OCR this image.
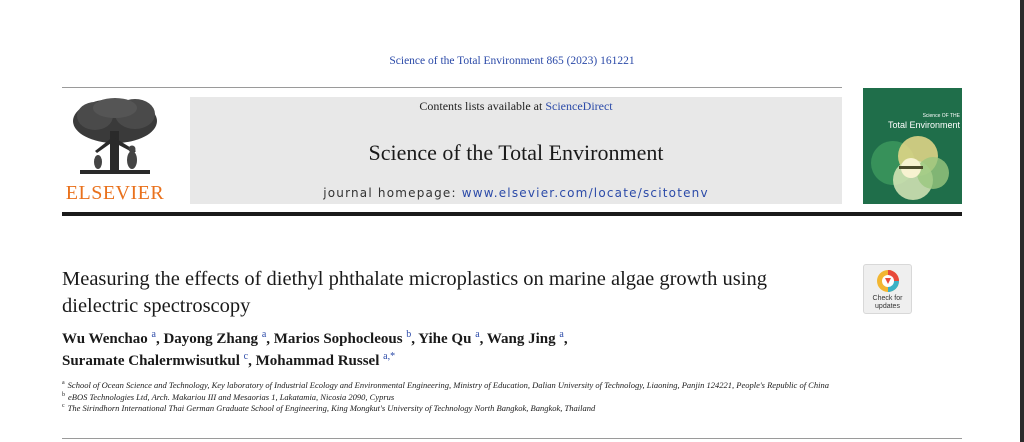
Science of the Total Environment 865 (2023) 161221
ELSEVIER
Contents lists available at ScienceDirect
Science of the Total Environment
journal homepage: www.elsevier.com/locate/scitotenv
Science OF THE
Total Environment
Measuring the effects of diethyl phthalate microplastics on marine algae growth using dielectric spectroscopy	Check for updates
Wu Wenchao $^a$, Dayong Zhang $^a$, Marios Sophocleous $^b$, Yihe Qu $^a$, Wang Jing $^a$,
Suramate Chalermwisutkul $^c$, Mohammad Russel $^{a,*}$
$^a$ School of Ocean Science and Technology, Key laboratory of Industrial Ecology and Environmental Engineering, Ministry of Education, Dalian University of Technology, Liaoning, Panjin 124221, People's Republic of China
$^b$ eBOS Technologies Ltd, Arch. Makariou III and Mesaorias 1, Lakatamia, Nicosia 2090, Cyprus
$^c$ The Sirindhorn International Thai German Graduate School of Engineering, King Mongkut's University of Technology North Bangkok, Bangkok, Thailand
